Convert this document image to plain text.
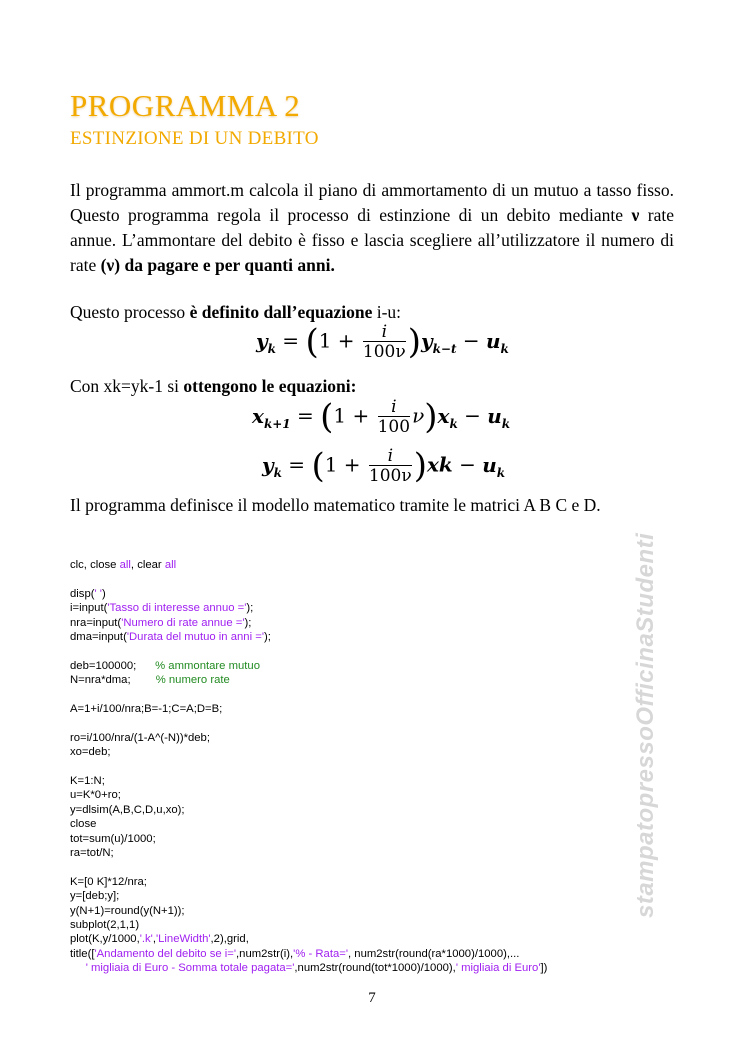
PROGRAMMA 2
ESTINZIONE DI UN DEBITO
Il programma ammort.m calcola il piano di ammortamento di un mutuo a tasso fisso. Questo programma regola il processo di estinzione di un debito mediante ν rate annue. L’ammontare del debito è fisso e lascia scegliere all’utilizzatore il numero di rate (ν) da pagare e per quanti anni.
Questo processo è definito dall’equazione i-u:
$y_k = (1 + \frac{i}{100\nu} )y_{k-t} - u_k$
Con xk=yk-1 si ottengono le equazioni:
$x_{k+1} = (1 + \frac{i}{100} \nu)x_k - u_k$
$y_k = (1 + \frac{i}{100\nu} )xk - u_k$
Il programma definisce il modello matematico tramite le matrici A B C e D.
clc, close all, clear all
disp(' ')
i=input('Tasso di interesse annuo =');
nra=input('Numero di rate annue =');
dma=input('Durata del mutuo in anni =');
deb=100000;      % ammontare mutuo
N=nra*dma;        % numero rate
A=1+i/100/nra;B=-1;C=A;D=B;
ro=i/100/nra/(1-A^(-N))*deb;
xo=deb;
K=1:N;
u=K*0+ro;
y=dlsim(A,B,C,D,u,xo);
close
tot=sum(u)/1000;
ra=tot/N;
K=[0 K]*12/nra;
y=[deb;y];
y(N+1)=round(y(N+1));
subplot(2,1,1)
plot(K,y/1000,'.k','LineWidth',2),grid,
title(['Andamento del debito se i=',num2str(i),'% - Rata=', num2str(round(ra*1000)/1000),...
' migliaia di Euro - Somma totale pagata=',num2str(round(tot*1000)/1000),' migliaia di Euro'])
stampatopressoOfficinaStudenti
7
